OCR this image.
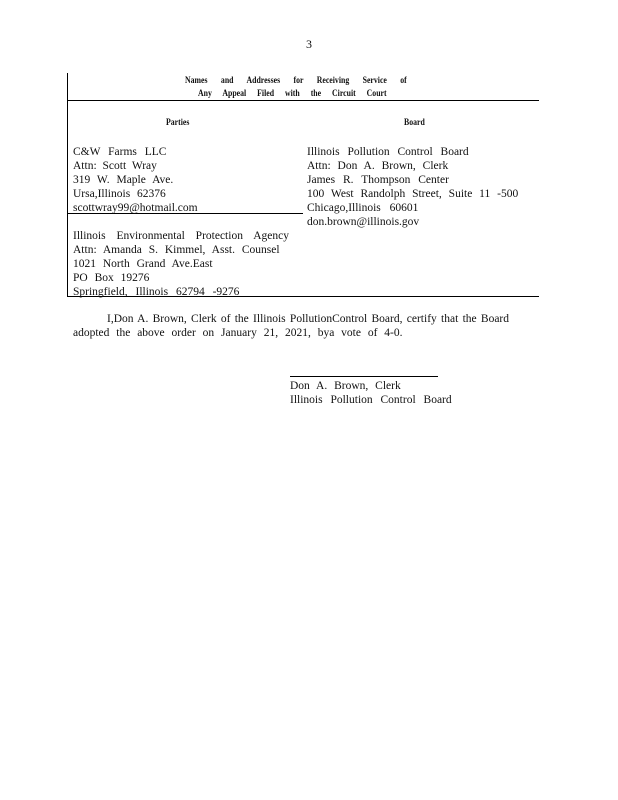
3
Names and Addresses for Receiving Service of
Any Appeal Filed with the Circuit Court
Parties	Board
C&W Farms LLC
Attn: Scott Wray
319 W. Maple Ave.
Ursa,Illinois 62376
scottwray99@hotmail.com
Illinois Environmental Protection Agency
Attn: Amanda S. Kimmel, Asst. Counsel
1021 North Grand Ave.East
PO Box 19276
Springfield, Illinois 62794 -9276
Illinois Pollution Control Board
Attn: Don A. Brown, Clerk
James R. Thompson Center
100 West Randolph Street, Suite 11 -500
Chicago,Illinois 60601
don.brown@illinois.gov

I,Don A. Brown, Clerk of the Illinois PollutionControl Board, certify that the Board

adopted the above order on January 21, 2021, bya vote of 4-0.

Don A. Brown, Clerk
Illinois Pollution Control Board
